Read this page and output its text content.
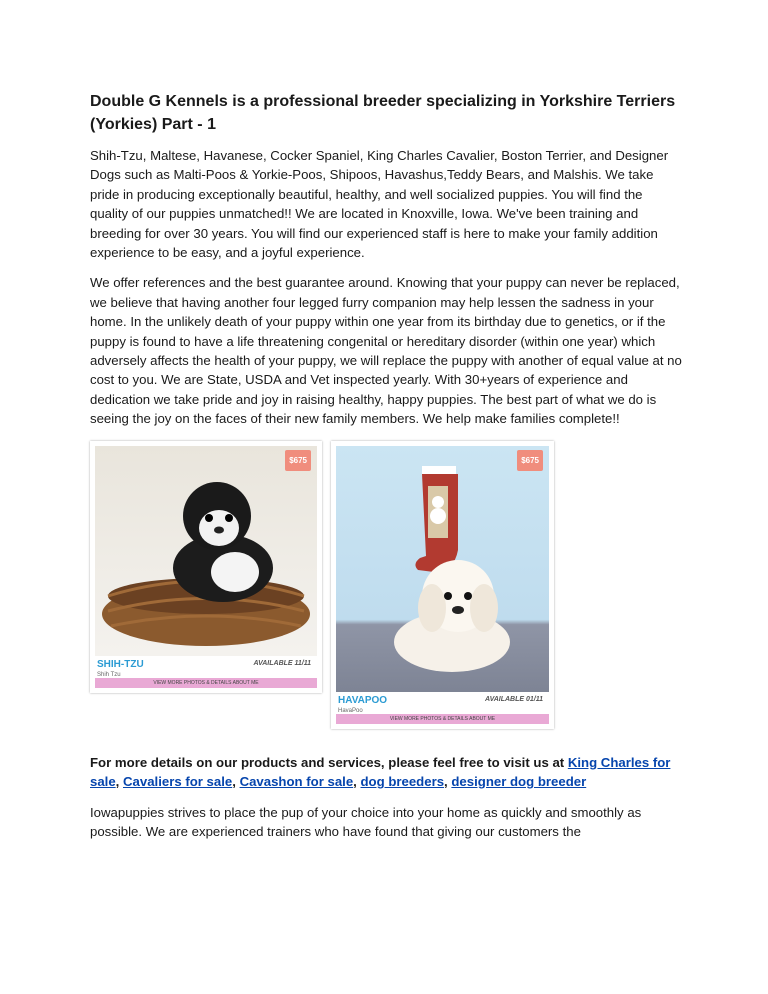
Double G Kennels is a professional breeder specializing in Yorkshire Terriers (Yorkies) Part - 1

Shih-Tzu, Maltese, Havanese, Cocker Spaniel, King Charles Cavalier, Boston Terrier, and Designer Dogs such as Malti-Poos & Yorkie-Poos, Shipoos, Havashus,Teddy Bears, and Malshis. We take pride in producing exceptionally beautiful, healthy, and well socialized puppies. You will find the quality of our puppies unmatched!! We are located in Knoxville, Iowa. We've been training and breeding for over 30 years. You will find our experienced staff is here to make your family addition experience to be easy, and a joyful experience.

We offer references and the best guarantee around. Knowing that your puppy can never be replaced, we believe that having another four legged furry companion may help lessen the sadness in your home. In the unlikely death of your puppy within one year from its birthday due to genetics, or if the puppy is found to have a life threatening congenital or hereditary disorder (within one year) which adversely affects the health of your puppy, we will replace the puppy with another of equal value at no cost to you. We are State, USDA and Vet inspected yearly. With 30+years of experience and dedication we take pride and joy in raising healthy, happy puppies. The best part of what we do is seeing the joy on the faces of their new family members. We help make families complete!!

$675
SHIH-TZU
Shih Tzu
AVAILABLE 11/11
VIEW MORE PHOTOS & DETAILS ABOUT ME
$675
HAVAPOO
HavaPoo
AVAILABLE 01/11
VIEW MORE PHOTOS & DETAILS ABOUT ME

For more details on our products and services, please feel free to visit us at King Charles for sale, Cavaliers for sale, Cavashon for sale, dog breeders, designer dog breeder

Iowapuppies strives to place the pup of your choice into your home as quickly and smoothly as possible. We are experienced trainers who have found that giving our customers the
